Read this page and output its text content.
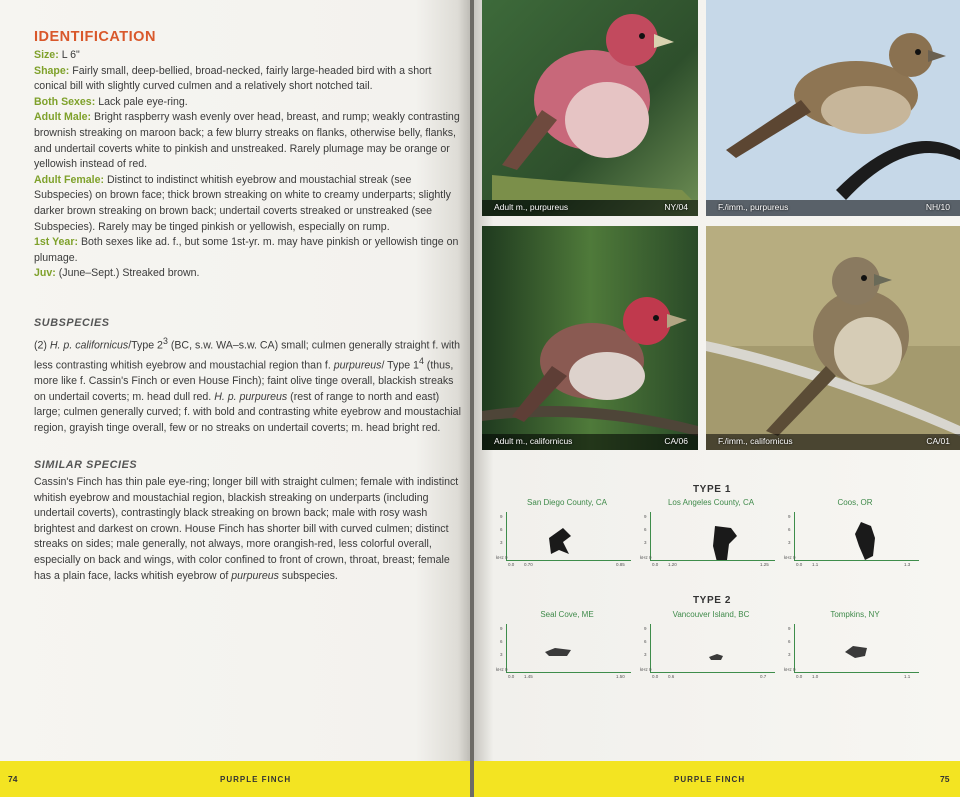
IDENTIFICATION

Size: L 6"

Shape: Fairly small, deep-bellied, broad-necked, fairly large-headed bird with a short conical bill with slightly curved culmen and a relatively short notched tail.

Both Sexes: Lack pale eye-ring.

Adult Male: Bright raspberry wash evenly over head, breast, and rump; weakly contrasting brownish streaking on maroon back; a few blurry streaks on flanks, otherwise belly, flanks, and undertail coverts white to pinkish and unstreaked. Rarely plumage may be orange or yellowish instead of red.

Adult Female: Distinct to indistinct whitish eyebrow and moustachial streak (see Subspecies) on brown face; thick brown streaking on white to creamy underparts; slightly darker brown streaking on brown back; undertail coverts streaked or unstreaked (see Subspecies). Rarely may be tinged pinkish or yellowish, especially on rump.

1st Year: Both sexes like ad. f., but some 1st-yr. m. may have pinkish or yellowish tinge on plumage.

Juv: (June–Sept.) Streaked brown.

SUBSPECIES

(2) H. p. californicus/Type $2^3$ (BC, s.w. WA–s.w. CA) small; culmen generally straight f. with less contrasting whitish eyebrow and moustachial region than f. purpureus/ Type $1^4$ (thus, more like f. Cassin's Finch or even House Finch); faint olive tinge overall, blackish streaks on undertail coverts; m. head dull red. H. p. purpureus (rest of range to north and east) large; culmen generally curved; f. with bold and contrasting white eyebrow and moustachial region, grayish tinge overall, few or no streaks on undertail coverts; m. head bright red.

SIMILAR SPECIES

Cassin's Finch has thin pale eye-ring; longer bill with straight culmen; female with indistinct whitish eyebrow and moustachial region, blackish streaking on underparts (including undertail coverts), contrastingly black streaking on brown back; male with rosy wash brightest and darkest on crown. House Finch has shorter bill with curved culmen; distinct streaks on sides; male generally, not always, more orangish-red, less colorful overall, especially on back and wings, with color confined to front of crown, throat, breast; female has a plain face, lacks whitish eyebrow of purpureus subspecies.

74	PURPLE FINCH
Adult m., purpureus	NY/04	F./imm., purpureus	NH/10
Adult m., californicus	CA/06	F./imm., californicus	CA/01
TYPE 1
TYPE 2
San Diego County, CA
9
6
3
0.0 0.70	0.85
kHz 0
Los Angeles County, CA
9
6
3
0.0 1.20	1.25
kHz 0
Coos, OR
9
6
3
0.0 1.1	1.3
kHz 0
Seal Cove, ME
9
6
3
0.0 1.45	1.50
kHz 0
Vancouver Island, BC
9
6
3
0.0 0.6	0.7
kHz 0
Tompkins, NY
9
6
3
0.0 1.0	1.1
kHz 0

PURPLE FINCH	75
